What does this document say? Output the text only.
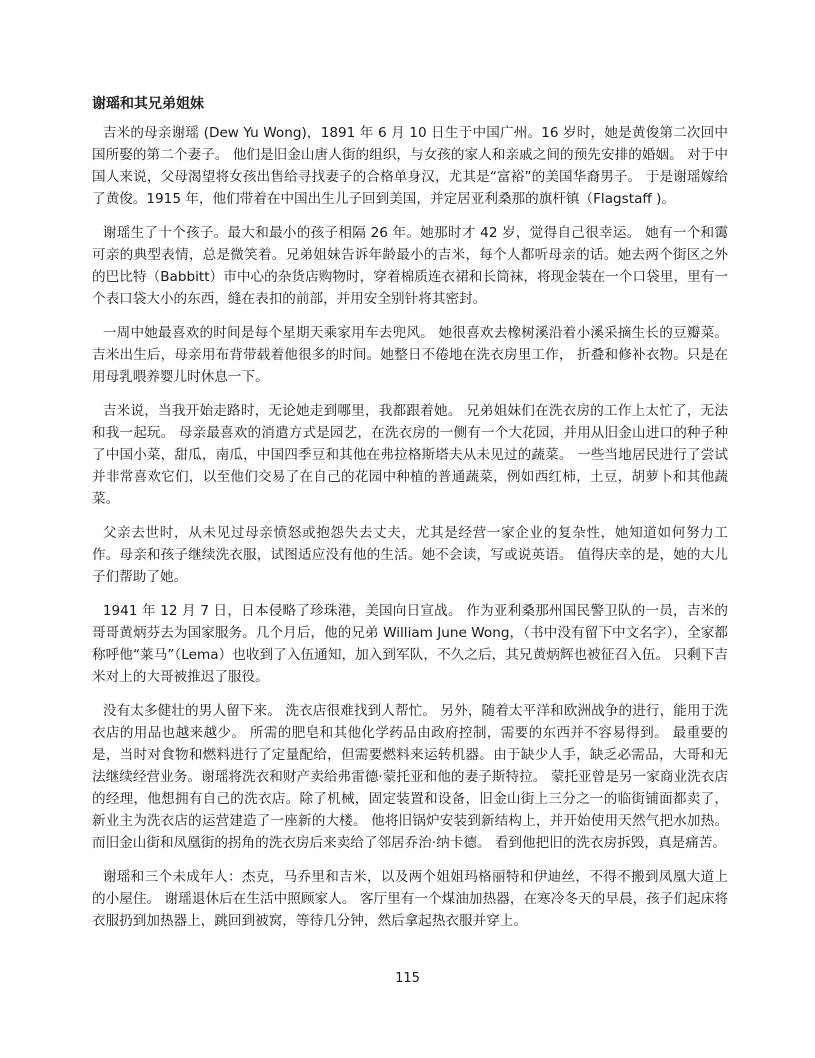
谢瑶和其兄弟姐妹

吉米的母亲谢瑶 (Dew Yu Wong)，1891 年 6 月 10 日生于中国广州。16 岁时，她是黄俊第二次回中国所娶的第二个妻子。 他们是旧金山唐人街的组织，与女孩的家人和亲戚之间的预先安排的婚姻。 对于中国人来说，父母渴望将女孩出售给寻找妻子的合格单身汉，尤其是“富裕”的美国华裔男子。 于是谢瑶嫁给了黄俊。1915 年，他们带着在中国出生儿子回到美国，并定居亚利桑那的旗杆镇（Flagstaff )。

谢瑶生了十个孩子。最大和最小的孩子相隔 26 年。她那时才 42 岁，觉得自己很幸运。 她有一个和霭可亲的典型表情，总是微笑着。兄弟姐妹告诉年龄最小的吉米，每个人都听母亲的话。她去两个街区之外的巴比特（Babbitt）市中心的杂货店购物时，穿着棉质连衣裙和长筒袜，将现金装在一个口袋里，里有一个表口袋大小的东西，缝在表扣的前部，并用安全别针将其密封。

一周中她最喜欢的时间是每个星期天乘家用车去兜风。 她很喜欢去橡树溪沿着小溪采摘生长的豆瓣菜。 吉米出生后，母亲用布背带载着他很多的时间。她整日不倦地在洗衣房里工作， 折叠和修补衣物。只是在用母乳喂养婴儿时休息一下。

吉米说，当我开始走路时，无论她走到哪里，我都跟着她。 兄弟姐妹们在洗衣房的工作上太忙了，无法和我一起玩。 母亲最喜欢的消遣方式是园艺，在洗衣房的一侧有一个大花园，并用从旧金山进口的种子种了中国小菜，甜瓜，南瓜，中国四季豆和其他在弗拉格斯塔夫从未见过的蔬菜。 一些当地居民进行了尝试并非常喜欢它们，以至他们交易了在自己的花园中种植的普通蔬菜，例如西红柿，土豆，胡萝卜和其他蔬菜。

父亲去世时，从未见过母亲愤怒或抱怨失去丈夫，尤其是经营一家企业的复杂性，她知道如何努力工作。母亲和孩子继续洗衣服，试图适应没有他的生活。她不会读，写或说英语。 值得庆幸的是，她的大儿子们帮助了她。

1941 年 12 月 7 日，日本侵略了珍珠港，美国向日宣战。 作为亚利桑那州国民警卫队的一员，吉米的哥哥黄炳芬去为国家服务。几个月后，他的兄弟 William June Wong，（书中没有留下中文名字），全家都称呼他“莱马”（Lema）也收到了入伍通知，加入到军队，不久之后，其兄黄炳辉也被征召入伍。 只剩下吉米对上的大哥被推迟了服役。

没有太多健壮的男人留下来。 洗衣店很难找到人帮忙。 另外，随着太平洋和欧洲战争的进行，能用于洗衣店的用品也越来越少。 所需的肥皂和其他化学药品由政府控制，需要的东西并不容易得到。 最重要的是，当时对食物和燃料进行了定量配给，但需要燃料来运转机器。由于缺少人手，缺乏必需品，大哥和无法继续经营业务。谢瑶将洗衣和财产卖给弗雷德·蒙托亚和他的妻子斯特拉。 蒙托亚曾是另一家商业洗衣店的经理，他想拥有自己的洗衣店。除了机械，固定装置和设备，旧金山街上三分之一的临街铺面都卖了，新业主为洗衣店的运营建造了一座新的大楼。 他将旧锅炉安装到新结构上，并开始使用天然气把水加热。 而旧金山街和凤凰街的拐角的洗衣房后来卖给了邻居乔治·纳卡德。 看到他把旧的洗衣房拆毁，真是痛苦。

谢瑶和三个未成年人：杰克，马乔里和吉米，以及两个姐姐玛格丽特和伊迪丝，不得不搬到凤凰大道上的小屋住。 谢瑶退休后在生活中照顾家人。 客厅里有一个煤油加热器，在寒冷冬天的早晨，孩子们起床将衣服扔到加热器上，跳回到被窝，等待几分钟，然后拿起热衣服并穿上。

115
